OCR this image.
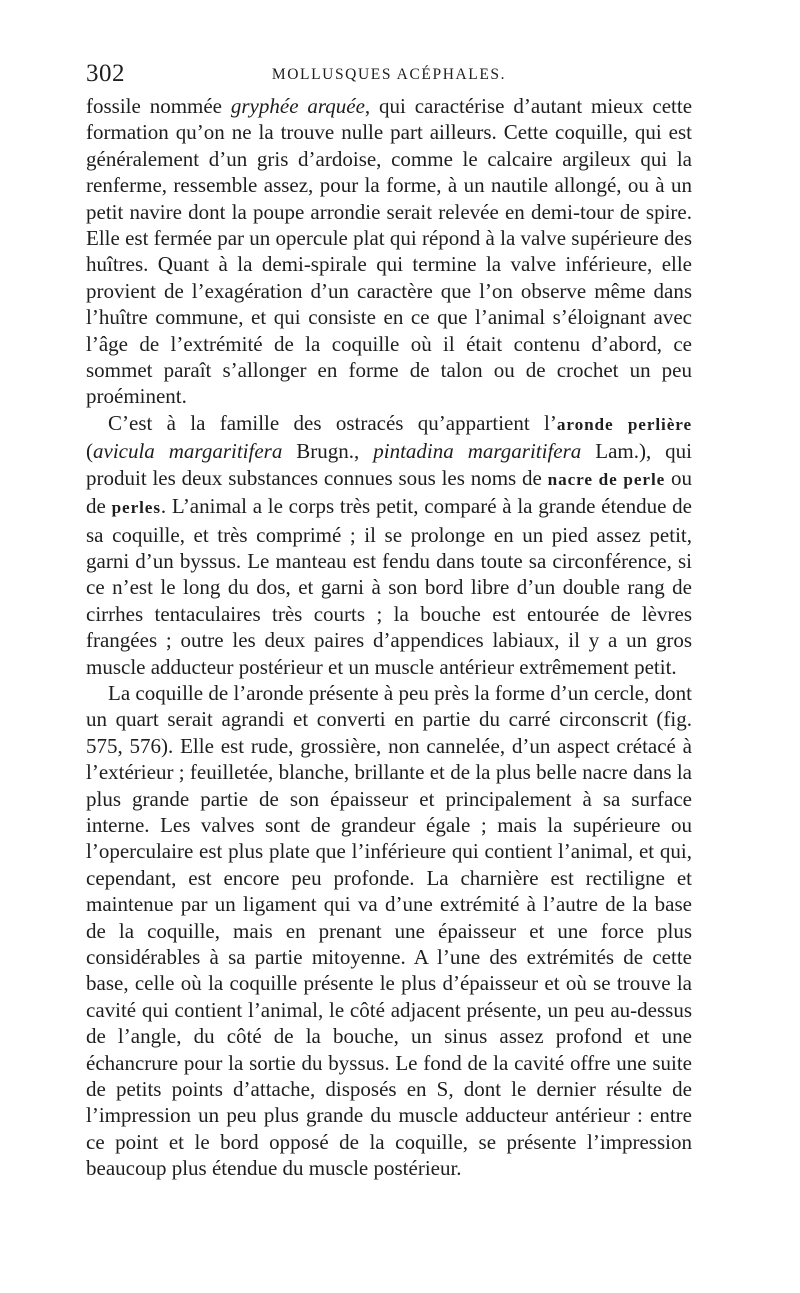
302	MOLLUSQUES ACÉPHALES.

fossile nommée gryphée arquée, qui caractérise d’autant mieux cette formation qu’on ne la trouve nulle part ailleurs. Cette coquille, qui est généralement d’un gris d’ardoise, comme le calcaire argileux qui la renferme, ressemble assez, pour la forme, à un nautile allongé, ou à un petit navire dont la poupe arrondie serait relevée en demi-tour de spire. Elle est fermée par un opercule plat qui répond à la valve supérieure des huîtres. Quant à la demi-spirale qui termine la valve inférieure, elle provient de l’exagération d’un caractère que l’on observe même dans l’huître commune, et qui consiste en ce que l’animal s’éloignant avec l’âge de l’extrémité de la coquille où il était contenu d’abord, ce sommet paraît s’allonger en forme de talon ou de crochet un peu proéminent.

C’est à la famille des ostracés qu’appartient l’aronde perlière (avicula margaritifera Brugn., pintadina margaritifera Lam.), qui produit les deux substances connues sous les noms de nacre de perle ou de perles. L’animal a le corps très petit, comparé à la grande étendue de sa coquille, et très comprimé ; il se prolonge en un pied assez petit, garni d’un byssus. Le manteau est fendu dans toute sa circonférence, si ce n’est le long du dos, et garni à son bord libre d’un double rang de cirrhes tentaculaires très courts ; la bouche est entourée de lèvres frangées ; outre les deux paires d’appendices labiaux, il y a un gros muscle adducteur postérieur et un muscle antérieur extrêmement petit.

La coquille de l’aronde présente à peu près la forme d’un cercle, dont un quart serait agrandi et converti en partie du carré circonscrit (fig. 575, 576). Elle est rude, grossière, non cannelée, d’un aspect crétacé à l’extérieur ; feuilletée, blanche, brillante et de la plus belle nacre dans la plus grande partie de son épaisseur et principalement à sa surface interne. Les valves sont de grandeur égale ; mais la supérieure ou l’operculaire est plus plate que l’inférieure qui contient l’animal, et qui, cependant, est encore peu profonde. La charnière est rectiligne et maintenue par un ligament qui va d’une extrémité à l’autre de la base de la coquille, mais en prenant une épaisseur et une force plus considérables à sa partie mitoyenne. A l’une des extrémités de cette base, celle où la coquille présente le plus d’épaisseur et où se trouve la cavité qui contient l’animal, le côté adjacent présente, un peu au-dessus de l’angle, du côté de la bouche, un sinus assez profond et une échancrure pour la sortie du byssus. Le fond de la cavité offre une suite de petits points d’attache, disposés en S, dont le dernier résulte de l’impression un peu plus grande du muscle adducteur antérieur : entre ce point et le bord opposé de la coquille, se présente l’impression beaucoup plus étendue du muscle postérieur.
